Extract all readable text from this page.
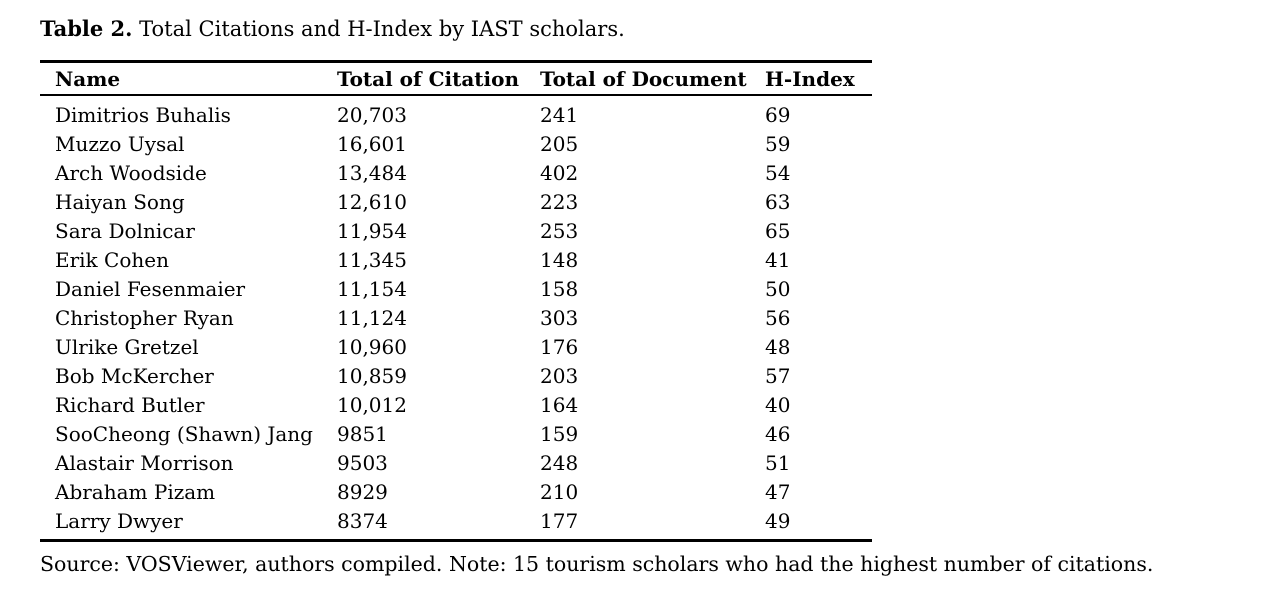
Table 2. Total Citations and H-Index by IAST scholars.

Name	Total of Citation	Total of Document	H-Index
Dimitrios Buhalis	20,703	241	69
Muzzo Uysal	16,601	205	59
Arch Woodside	13,484	402	54
Haiyan Song	12,610	223	63
Sara Dolnicar	11,954	253	65
Erik Cohen	11,345	148	41
Daniel Fesenmaier	11,154	158	50
Christopher Ryan	11,124	303	56
Ulrike Gretzel	10,960	176	48
Bob McKercher	10,859	203	57
Richard Butler	10,012	164	40
SooCheong (Shawn) Jang	9851	159	46
Alastair Morrison	9503	248	51
Abraham Pizam	8929	210	47
Larry Dwyer	8374	177	49

Source: VOSViewer, authors compiled. Note: 15 tourism scholars who had the highest number of citations.
